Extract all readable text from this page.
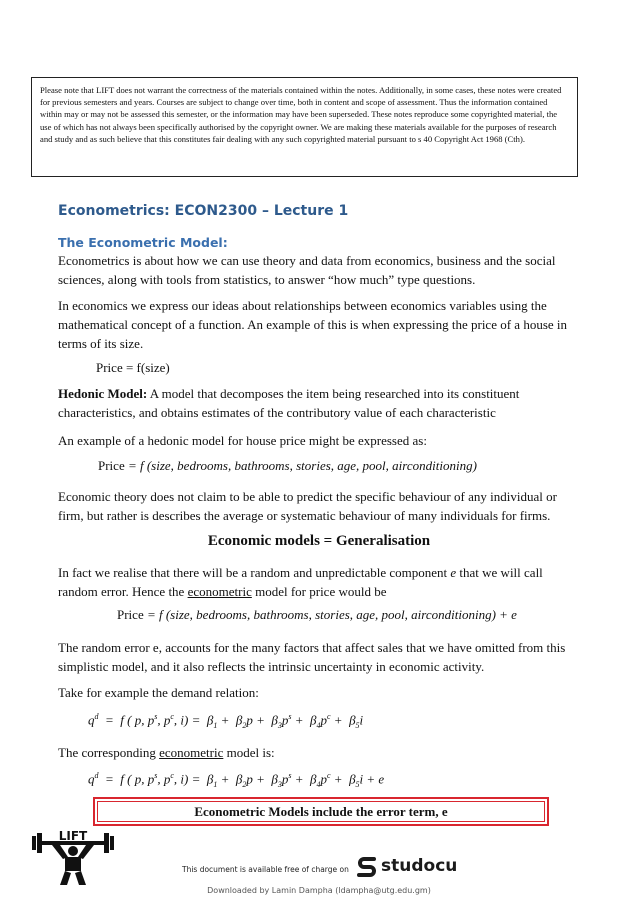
Please note that LIFT does not warrant the correctness of the materials contained within the notes. Additionally, in some cases, these notes were created for previous semesters and years. Courses are subject to change over time, both in content and scope of assessment. Thus the information contained within may or may not be assessed this semester, or the information may have been superseded. These notes reproduce some copyrighted material, the use of which has not always been specifically authorised by the copyright owner. We are making these materials available for the purposes of research and study and as such believe that this constitutes fair dealing with any such copyrighted material pursuant to s 40 Copyright Act 1968 (Cth).
Econometrics: ECON2300 – Lecture 1
The Econometric Model:
Econometrics is about how we can use theory and data from economics, business and the social sciences, along with tools from statistics, to answer “how much” type questions.
In economics we express our ideas about relationships between economics variables using the mathematical concept of a function. An example of this is when expressing the price of a house in terms of its size.
Price = f(size)
Hedonic Model: A model that decomposes the item being researched into its constituent characteristics, and obtains estimates of the contributory value of each characteristic
An example of a hedonic model for house price might be expressed as:
Price = f (size, bedrooms, bathrooms, stories, age, pool, airconditioning)
Economic theory does not claim to be able to predict the specific behaviour of any individual or firm, but rather is describes the average or systematic behaviour of many individuals for firms.
Economic models = Generalisation
In fact we realise that there will be a random and unpredictable component e that we will call random error. Hence the econometric model for price would be
Price = f (size, bedrooms, bathrooms, stories, age, pool, airconditioning) + e
The random error e, accounts for the many factors that affect sales that we have omitted from this simplistic model, and it also reflects the intrinsic uncertainty in economic activity.
Take for example the demand relation:
$q^d = f$ ( p, $p^s$, $p^c$, $i) = \beta_1 + \beta_2p + \beta_3p^s + \beta_4p^c + \beta_5i$
The corresponding econometric model is:
$q^d = f$ ( p, $p^s$, $p^c$, $i) = \beta_1 + \beta_2p + \beta_3p^s + \beta_4p^c + \beta_5i + e$
Econometric Models include the error term, e
LIFT
This document is available free of charge on studocu
Downloaded by Lamin Dampha (ldampha@utg.edu.gm)
